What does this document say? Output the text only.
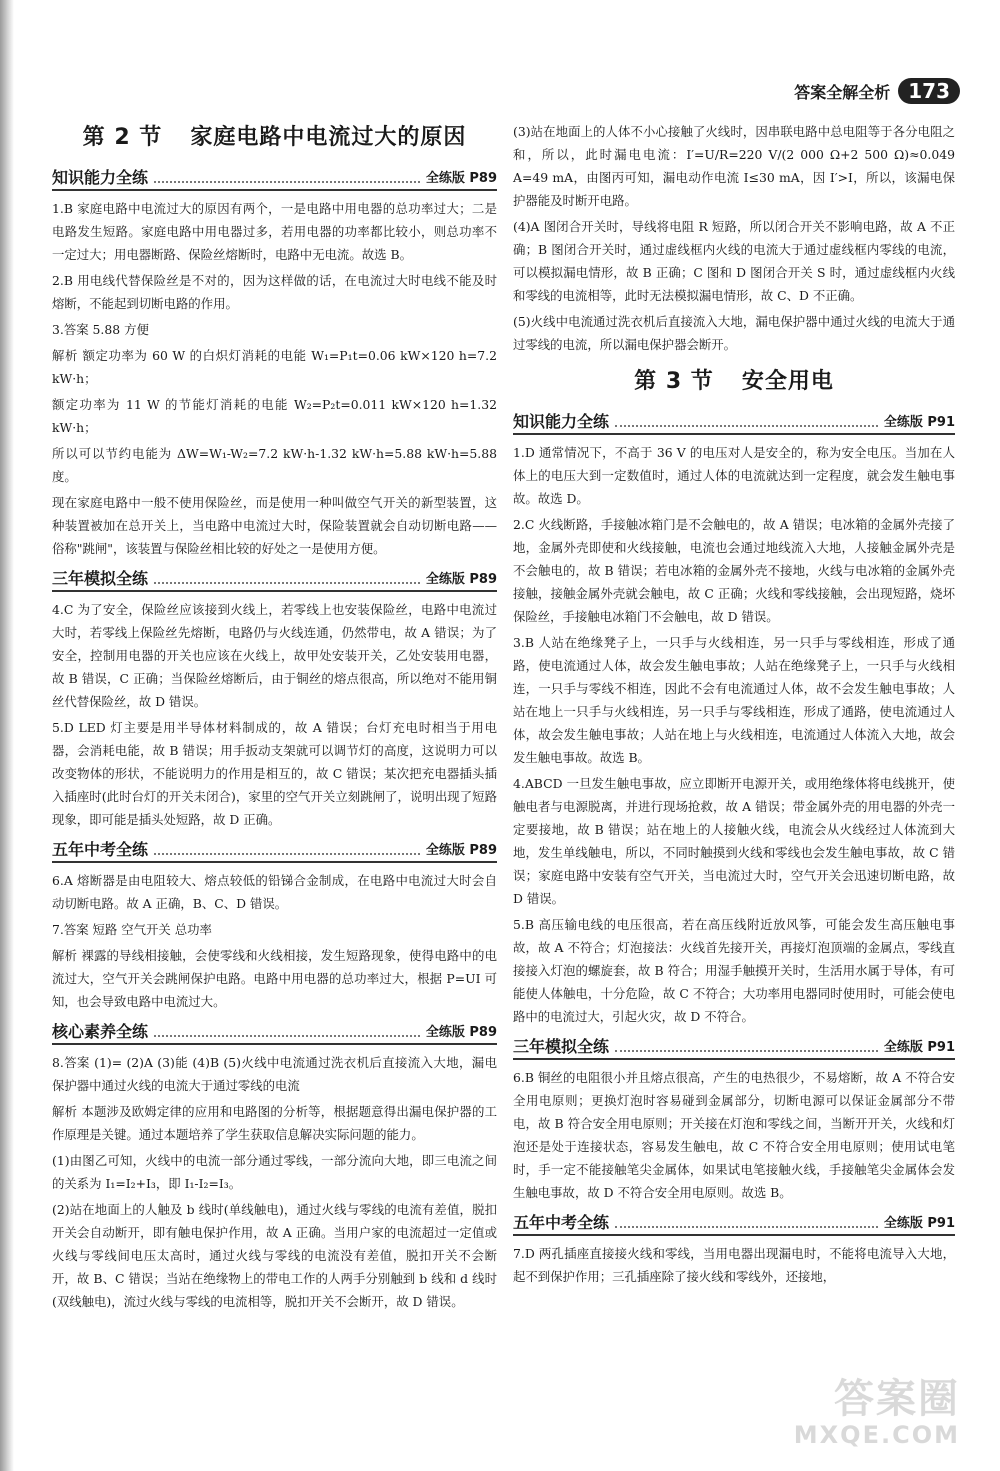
答案全解全析 173
第 2 节 家庭电路中电流过大的原因
知识能力全练	全练版 P89

1.B 家庭电路中电流过大的原因有两个，一是电路中用电器的总功率过大；二是电路发生短路。家庭电路中用电器过多，若用电器的功率都比较小，则总功率不一定过大；用电器断路、保险丝熔断时，电路中无电流。故选 B。

2.B 用电线代替保险丝是不对的，因为这样做的话，在电流过大时电线不能及时熔断，不能起到切断电路的作用。

3.答案 5.88 方便

解析 额定功率为 60 W 的白炽灯消耗的电能 W₁=P₁t=0.06 kW×120 h=7.2 kW·h；

额定功率为 11 W 的节能灯消耗的电能 W₂=P₂t=0.011 kW×120 h=1.32 kW·h；

所以可以节约电能为 ΔW=W₁-W₂=7.2 kW·h-1.32 kW·h=5.88 kW·h=5.88 度。

现在家庭电路中一般不使用保险丝，而是使用一种叫做空气开关的新型装置，这种装置被加在总开关上，当电路中电流过大时，保险装置就会自动切断电路——俗称"跳闸"，该装置与保险丝相比较的好处之一是使用方便。

三年模拟全练	全练版 P89

4.C 为了安全，保险丝应该接到火线上，若零线上也安装保险丝，电路中电流过大时，若零线上保险丝先熔断，电路仍与火线连通，仍然带电，故 A 错误；为了安全，控制用电器的开关也应该在火线上，故甲处安装开关，乙处安装用电器，故 B 错误，C 正确；当保险丝熔断后，由于铜丝的熔点很高，所以绝对不能用铜丝代替保险丝，故 D 错误。

5.D LED 灯主要是用半导体材料制成的，故 A 错误；台灯充电时相当于用电器，会消耗电能，故 B 错误；用手扳动支架就可以调节灯的高度，这说明力可以改变物体的形状，不能说明力的作用是相互的，故 C 错误；某次把充电器插头插入插座时(此时台灯的开关未闭合)，家里的空气开关立刻跳闸了，说明出现了短路现象，即可能是插头处短路，故 D 正确。

五年中考全练	全练版 P89

6.A 熔断器是由电阻较大、熔点较低的铅锑合金制成，在电路中电流过大时会自动切断电路。故 A 正确，B、C、D 错误。

7.答案 短路 空气开关 总功率

解析 裸露的导线相接触，会使零线和火线相接，发生短路现象，使得电路中的电流过大，空气开关会跳闸保护电路。电路中用电器的总功率过大，根据 P=UI 可知，也会导致电路中电流过大。

核心素养全练	全练版 P89

8.答案 (1)= (2)A (3)能 (4)B (5)火线中电流通过洗衣机后直接流入大地，漏电保护器中通过火线的电流大于通过零线的电流

解析 本题涉及欧姆定律的应用和电路图的分析等，根据题意得出漏电保护器的工作原理是关键。通过本题培养了学生获取信息解决实际问题的能力。

(1)由图乙可知，火线中的电流一部分通过零线，一部分流向大地，即三电流之间的关系为 I₁=I₂+I₃，即 I₁-I₂=I₃。

(2)站在地面上的人触及 b 线时(单线触电)，通过火线与零线的电流有差值，脱扣开关会自动断开，即有触电保护作用，故 A 正确。当用户家的电流超过一定值或火线与零线间电压太高时，通过火线与零线的电流没有差值，脱扣开关不会断开，故 B、C 错误；当站在绝缘物上的带电工作的人两手分别触到 b 线和 d 线时(双线触电)，流过火线与零线的电流相等，脱扣开关不会断开，故 D 错误。

(3)站在地面上的人体不小心接触了火线时，因串联电路中总电阻等于各分电阻之和，所以，此时漏电电流：I′=U/R=220 V/(2 000 Ω+2 500 Ω)≈0.049 A=49 mA，由图丙可知，漏电动作电流 I≤30 mA，因 I′>I，所以，该漏电保护器能及时断开电路。

(4)A 图闭合开关时，导线将电阻 R 短路，所以闭合开关不影响电路，故 A 不正确；B 图闭合开关时，通过虚线框内火线的电流大于通过虚线框内零线的电流，可以模拟漏电情形，故 B 正确；C 图和 D 图闭合开关 S 时，通过虚线框内火线和零线的电流相等，此时无法模拟漏电情形，故 C、D 不正确。

(5)火线中电流通过洗衣机后直接流入大地，漏电保护器中通过火线的电流大于通过零线的电流，所以漏电保护器会断开。

第 3 节 安全用电
知识能力全练	全练版 P91

1.D 通常情况下，不高于 36 V 的电压对人是安全的，称为安全电压。当加在人体上的电压大到一定数值时，通过人体的电流就达到一定程度，就会发生触电事故。故选 D。

2.C 火线断路，手接触冰箱门是不会触电的，故 A 错误；电冰箱的金属外壳接了地，金属外壳即使和火线接触，电流也会通过地线流入大地，人接触金属外壳是不会触电的，故 B 错误；若电冰箱的金属外壳不接地，火线与电冰箱的金属外壳接触，接触金属外壳就会触电，故 C 正确；火线和零线接触，会出现短路，烧坏保险丝，手接触电冰箱门不会触电，故 D 错误。

3.B 人站在绝缘凳子上，一只手与火线相连，另一只手与零线相连，形成了通路，使电流通过人体，故会发生触电事故；人站在绝缘凳子上，一只手与火线相连，一只手与零线不相连，因此不会有电流通过人体，故不会发生触电事故；人站在地上一只手与火线相连，另一只手与零线相连，形成了通路，使电流通过人体，故会发生触电事故；人站在地上与火线相连，电流通过人体流入大地，故会发生触电事故。故选 B。

4.ABCD 一旦发生触电事故，应立即断开电源开关，或用绝缘体将电线挑开，使触电者与电源脱离，并进行现场抢救，故 A 错误；带金属外壳的用电器的外壳一定要接地，故 B 错误；站在地上的人接触火线，电流会从火线经过人体流到大地，发生单线触电，所以，不同时触摸到火线和零线也会发生触电事故，故 C 错误；家庭电路中安装有空气开关，当电流过大时，空气开关会迅速切断电路，故 D 错误。

5.B 高压输电线的电压很高，若在高压线附近放风筝，可能会发生高压触电事故，故 A 不符合；灯泡接法：火线首先接开关，再接灯泡顶端的金属点，零线直接接入灯泡的螺旋套，故 B 符合；用湿手触摸开关时，生活用水属于导体，有可能使人体触电，十分危险，故 C 不符合；大功率用电器同时使用时，可能会使电路中的电流过大，引起火灾，故 D 不符合。

三年模拟全练	全练版 P91

6.B 铜丝的电阻很小并且熔点很高，产生的电热很少，不易熔断，故 A 不符合安全用电原则；更换灯泡时容易碰到金属部分，切断电源可以保证金属部分不带电，故 B 符合安全用电原则；开关接在灯泡和零线之间，当断开开关，火线和灯泡还是处于连接状态，容易发生触电，故 C 不符合安全用电原则；使用试电笔时，手一定不能接触笔尖金属体，如果试电笔接触火线，手接触笔尖金属体会发生触电事故，故 D 不符合安全用电原则。故选 B。

五年中考全练	全练版 P91

7.D 两孔插座直接接火线和零线，当用电器出现漏电时，不能将电流导入大地，起不到保护作用；三孔插座除了接火线和零线外，还接地，

答案圈
MXQE.COM
